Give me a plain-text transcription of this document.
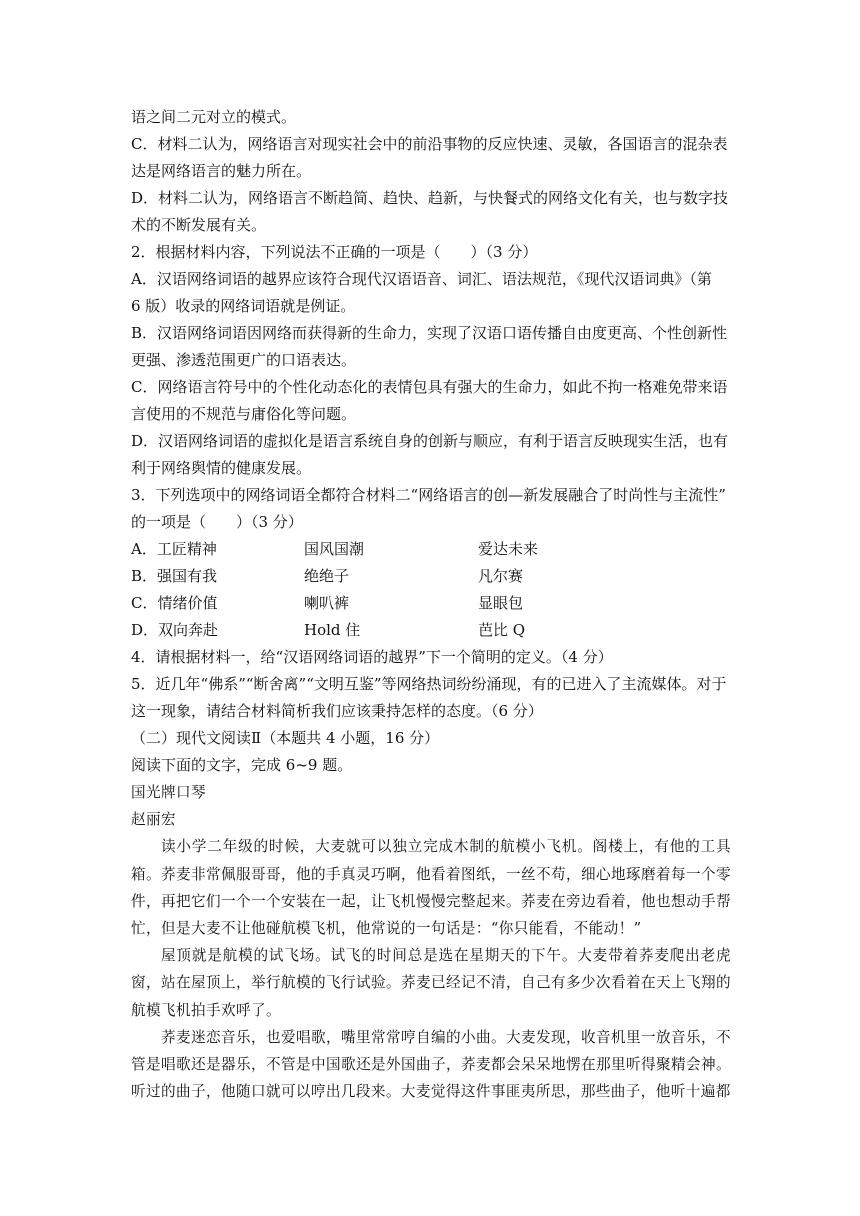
语之间二元对立的模式。

C．材料二认为，网络语言对现实社会中的前沿事物的反应快速、灵敏，各国语言的混杂表

达是网络语言的魅力所在。

D．材料二认为，网络语言不断趋简、趋快、趋新，与快餐式的网络文化有关，也与数字技

术的不断发展有关。

2．根据材料内容，下列说法不正确的一项是（　　）（3 分）

A．汉语网络词语的越界应该符合现代汉语语音、词汇、语法规范，《现代汉语词典》（第

6 版）收录的网络词语就是例证。

B．汉语网络词语因网络而获得新的生命力，实现了汉语口语传播自由度更高、个性创新性

更强、渗透范围更广的口语表达。

C．网络语言符号中的个性化动态化的表情包具有强大的生命力，如此不拘一格难免带来语

言使用的不规范与庸俗化等问题。

D．汉语网络词语的虚拟化是语言系统自身的创新与顺应，有利于语言反映现实生活，也有

利于网络舆情的健康发展。

3．下列选项中的网络词语全都符合材料二“网络语言的创—新发展融合了时尚性与主流性”

的一项是（　　）（3 分）

A．工匠精神	国风国潮	爱达未来
B．强国有我	绝绝子	凡尔赛
C．情绪价值	喇叭裤	显眼包
D．双向奔赴	Hold 住	芭比 Q

4．请根据材料一，给“汉语网络词语的越界”下一个简明的定义。（4 分）

5．近几年“佛系”“断舍离”“文明互鉴”等网络热词纷纷涌现，有的已进入了主流媒体。对于

这一现象，请结合材料简析我们应该秉持怎样的态度。（6 分）

（二）现代文阅读Ⅱ（本题共 4 小题，16 分）

阅读下面的文字，完成 6~9 题。

国光牌口琴

赵丽宏

读小学二年级的时候，大麦就可以独立完成木制的航模小飞机。阁楼上，有他的工具箱。荞麦非常佩服哥哥，他的手真灵巧啊，他看着图纸，一丝不苟，细心地琢磨着每一个零件，再把它们一个一个安装在一起，让飞机慢慢完整起来。荞麦在旁边看着，他也想动手帮忙，但是大麦不让他碰航模飞机，他常说的一句话是：“你只能看，不能动！”

屋顶就是航模的试飞场。试飞的时间总是选在星期天的下午。大麦带着荞麦爬出老虎窗，站在屋顶上，举行航模的飞行试验。荞麦已经记不清，自己有多少次看着在天上飞翔的航模飞机拍手欢呼了。

荞麦迷恋音乐，也爱唱歌，嘴里常常哼自编的小曲。大麦发现，收音机里一放音乐，不管是唱歌还是器乐，不管是中国歌还是外国曲子，荞麦都会呆呆地愣在那里听得聚精会神。听过的曲子，他随口就可以哼出几段来。大麦觉得这件事匪夷所思，那些曲子，他听十遍都
